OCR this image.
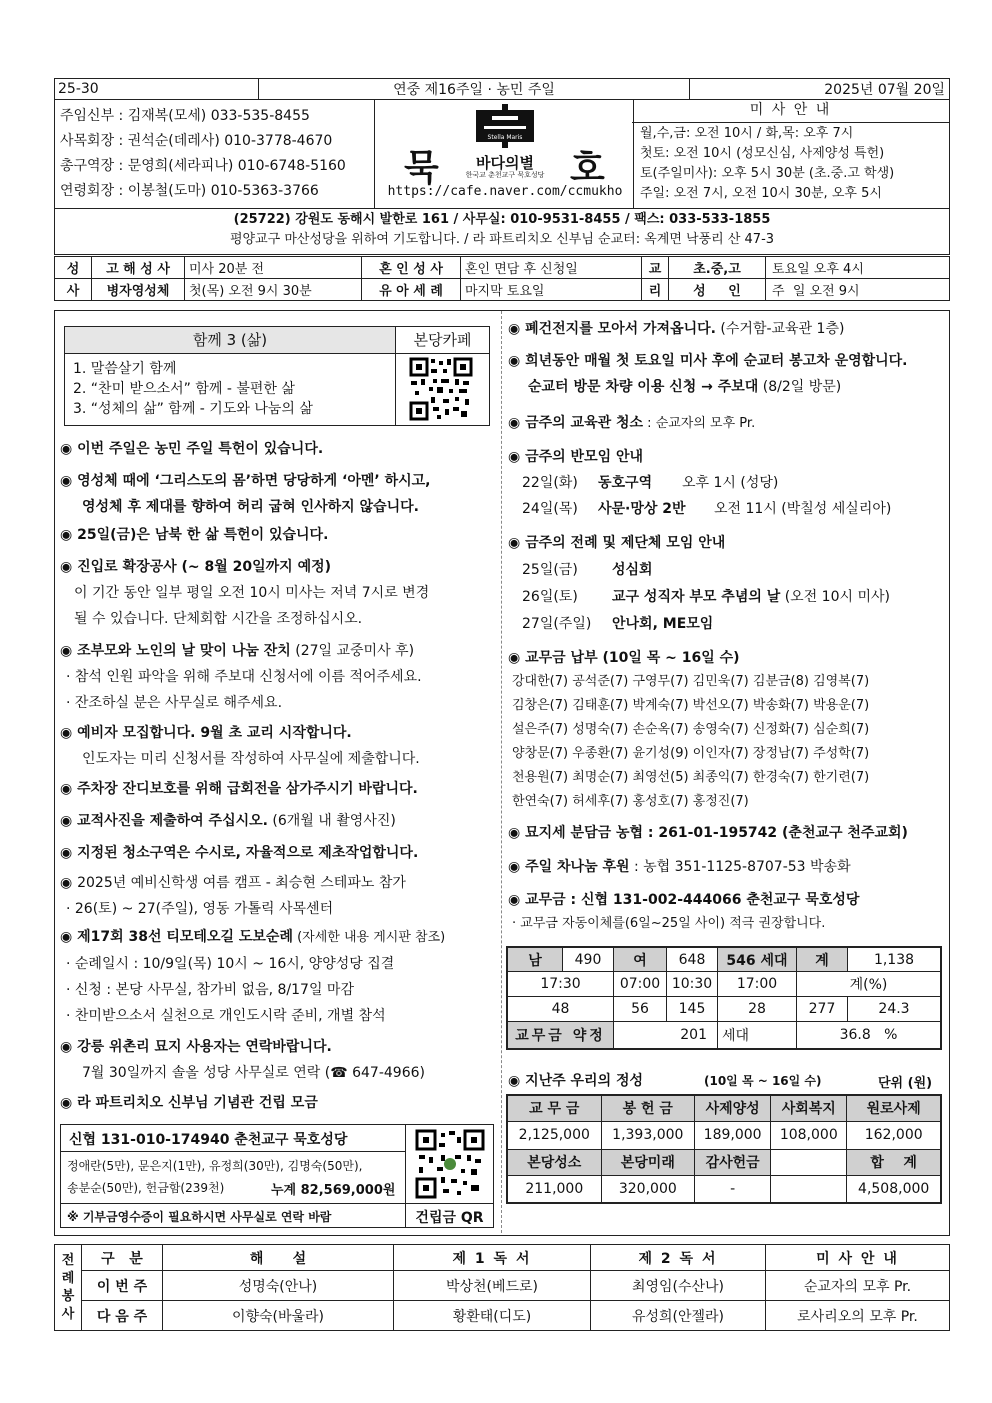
25-30	연중 제16주일 · 농민 주일	2025년 07월 20일
주임신부 : 김재복(모세) 033-535-8455
사목회장 : 권석순(데레사) 010-3778-4670
총구역장 : 문영희(세라피나) 010-6748-5160
연령회장 : 이봉철(도마) 010-5363-3766
묵	호
Stella Maris
바다의별
한국교 춘천교구 묵호성당
https://cafe.naver.com/ccmukho
미 사 안 내
월,수,금: 오전 10시 / 화,목: 오후 7시
첫토: 오전 10시 (성모신심, 사제양성 특헌)
토(주일미사): 오후 5시 30분 (초.중.고 학생)
주일: 오전 7시, 오전 10시 30분, 오후 5시
(25722) 강원도 동해시 발한로 161 / 사무실: 010-9531-8455 / 팩스: 033-533-1855
평양교구 마산성당을 위하여 기도합니다. / 라 파트리치오 신부님 순교터: 옥계면 낙풍리 산 47-3
성	고 해 성 사	미사 20분 전	혼 인 성 사	혼인 면담 후 신청일	교	초.중,고	토요일 오후 4시
사	병자영성체	첫(목) 오전 9시 30분	유 아 세 례	마지막 토요일	리	성     인	주  일 오전 9시
함께 3 (삶)	본당카페
1. 말씀살기 함께
2. “찬미 받으소서” 함께 - 불편한 삶
3. “성체의 삶” 함께 - 기도와 나눔의 삶
◉ 이번 주일은 농민 주일 특헌이 있습니다.
◉ 영성체 때에 ‘그리스도의 몸’하면 당당하게 ‘아멘’ 하시고,
영성체 후 제대를 향하여 허리 굽혀 인사하지 않습니다.
◉ 25일(금)은 남북 한 삶 특헌이 있습니다.
◉ 진입로 확장공사 (~ 8월 20일까지 예정)
이 기간 동안 일부 평일 오전 10시 미사는 저녁 7시로 변경
될 수 있습니다. 단체회합 시간을 조정하십시오.
◉ 조부모와 노인의 날 맞이 나눔 잔치 (27일 교중미사 후)
· 참석 인원 파악을 위해 주보대 신청서에 이름 적어주세요.
· 잔조하실 분은 사무실로 해주세요.
◉ 예비자 모집합니다. 9월 초 교리 시작합니다.
인도자는 미리 신청서를 작성하여 사무실에 제출합니다.
◉ 주차장 잔디보호를 위해 급회전을 삼가주시기 바랍니다.
◉ 교적사진을 제출하여 주십시오. (6개월 내 촬영사진)
◉ 지정된 청소구역은 수시로, 자율적으로 제초작업합니다.
◉ 2025년 예비신학생 여름 캠프 - 최승현 스테파노 참가
· 26(토) ~ 27(주일), 영동 가톨릭 사목센터
◉ 제17회 38선 티모테오길 도보순례 (자세한 내용 게시판 참조)
· 순례일시 : 10/9일(목) 10시 ~ 16시, 양양성당 집결
· 신청 : 본당 사무실, 참가비 없음, 8/17일 마감
· 찬미받으소서 실천으로 개인도시락 준비, 개별 참석
◉ 강릉 위촌리 묘지 사용자는 연락바랍니다.
7월 30일까지 솔올 성당 사무실로 연락 (☎ 647-4966)
◉ 라 파트리치오 신부님 기념관 건립 모금
신협 131-010-174940 춘천교구 묵호성당
정애란(5만), 문은지(1만), 유정희(30만), 김명숙(50만),
송분순(50만), 헌금함(239천)	누계 82,569,000원
※ 기부금영수증이 필요하시면 사무실로 연락 바람	건립금 QR
◉ 폐건전지를 모아서 가져옵니다. (수거함-교육관 1층)
◉ 희년동안 매월 첫 토요일 미사 후에 순교터 봉고차 운영합니다.
순교터 방문 차량 이용 신청 → 주보대 (8/2일 방문)
◉ 금주의 교육관 청소 : 순교자의 모후 Pr.
◉ 금주의 반모임 안내
22일(화) 동호구역 오후 1시 (성당)
24일(목) 사문·망상 2반 오전 11시 (박칠성 세실리아)
◉ 금주의 전례 및 제단체 모임 안내
25일(금) 성심회
26일(토) 교구 성직자 부모 추념의 날 (오전 10시 미사)
27일(주일) 안나회, ME모임
◉ 교무금 납부 (10일 목 ~ 16일 수)
강대한(7) 공석준(7) 구영무(7) 김민욱(7) 김분금(8) 김영복(7)
김창은(7) 김태훈(7) 박계숙(7) 박선오(7) 박송화(7) 박용운(7)
설은주(7) 성명숙(7) 손순옥(7) 송영숙(7) 신정화(7) 심순희(7)
양창문(7) 우종환(7) 윤기성(9) 이인자(7) 장정남(7) 주성학(7)
천용원(7) 최명순(7) 최영선(5) 최종익(7) 한경숙(7) 한기련(7)
한연숙(7) 허세후(7) 홍성호(7) 홍정진(7)
◉ 묘지세 분담금 농협 : 261-01-195742 (춘천교구 천주교회)
◉ 주일 차나눔 후원 : 농협 351-1125-8707-53 박송화
◉ 교무금 : 신협 131-002-444066 춘천교구 묵호성당
· 교무금 자동이체를(6일~25일 사이) 적극 권장합니다.
남	490	여	648	546 세대	계	1,138
17:30		07:00	10:30	17:00	계(%)	
48		56	145	28	277	24.3
교무금 약정		201		세대	36.8 %	
◉ 지난주 우리의 정성	(10일 목 ~ 16일 수)	단위 (원)
교 무 금	봉 헌 금	사제양성	사회복지	원로사제
2,125,000	1,393,000	189,000	108,000	162,000
본당성소	본당미래	감사헌금		합    계
211,000	320,000	-		4,508,000
전
례
봉
사	구   분	해      설	제 1 독 서	제 2 독 서	미 사 안 내
	이 번 주	성명숙(안나)	박상천(베드로)	최영임(수산나)	순교자의 모후 Pr.
	다 음 주	이향숙(바울라)	황환태(디도)	유성희(안젤라)	로사리오의 모후 Pr.
